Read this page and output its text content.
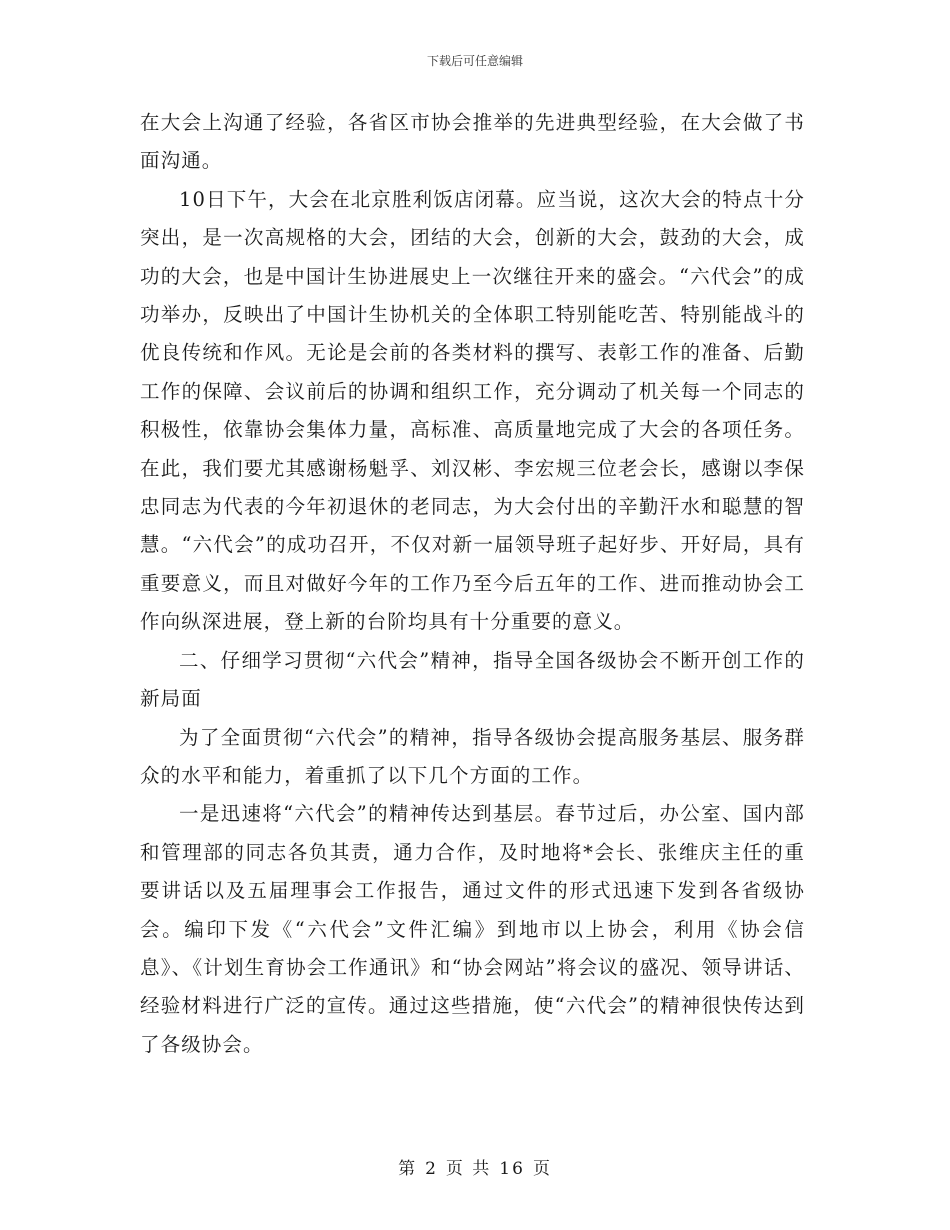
下载后可任意编辑

在大会上沟通了经验，各省区市协会推举的先进典型经验，在大会做了书面沟通。

10日下午，大会在北京胜利饭店闭幕。应当说，这次大会的特点十分突出，是一次高规格的大会，团结的大会，创新的大会，鼓劲的大会，成功的大会，也是中国计生协进展史上一次继往开来的盛会。“六代会”的成功举办，反映出了中国计生协机关的全体职工特别能吃苦、特别能战斗的优良传统和作风。无论是会前的各类材料的撰写、表彰工作的准备、后勤工作的保障、会议前后的协调和组织工作，充分调动了机关每一个同志的积极性，依靠协会集体力量，高标准、高质量地完成了大会的各项任务。在此，我们要尤其感谢杨魁孚、刘汉彬、李宏规三位老会长，感谢以李保忠同志为代表的今年初退休的老同志，为大会付出的辛勤汗水和聪慧的智慧。“六代会”的成功召开，不仅对新一届领导班子起好步、开好局，具有重要意义，而且对做好今年的工作乃至今后五年的工作、进而推动协会工作向纵深进展，登上新的台阶均具有十分重要的意义。

二、仔细学习贯彻“六代会”精神，指导全国各级协会不断开创工作的新局面

为了全面贯彻“六代会”的精神，指导各级协会提高服务基层、服务群众的水平和能力，着重抓了以下几个方面的工作。

一是迅速将“六代会”的精神传达到基层。春节过后，办公室、国内部和管理部的同志各负其责，通力合作，及时地将*会长、张维庆主任的重要讲话以及五届理事会工作报告，通过文件的形式迅速下发到各省级协会。编印下发《“六代会”文件汇编》到地市以上协会，利用《协会信息》、《计划生育协会工作通讯》和“协会网站”将会议的盛况、领导讲话、经验材料进行广泛的宣传。通过这些措施，使“六代会”的精神很快传达到了各级协会。

第 2 页 共 16 页
